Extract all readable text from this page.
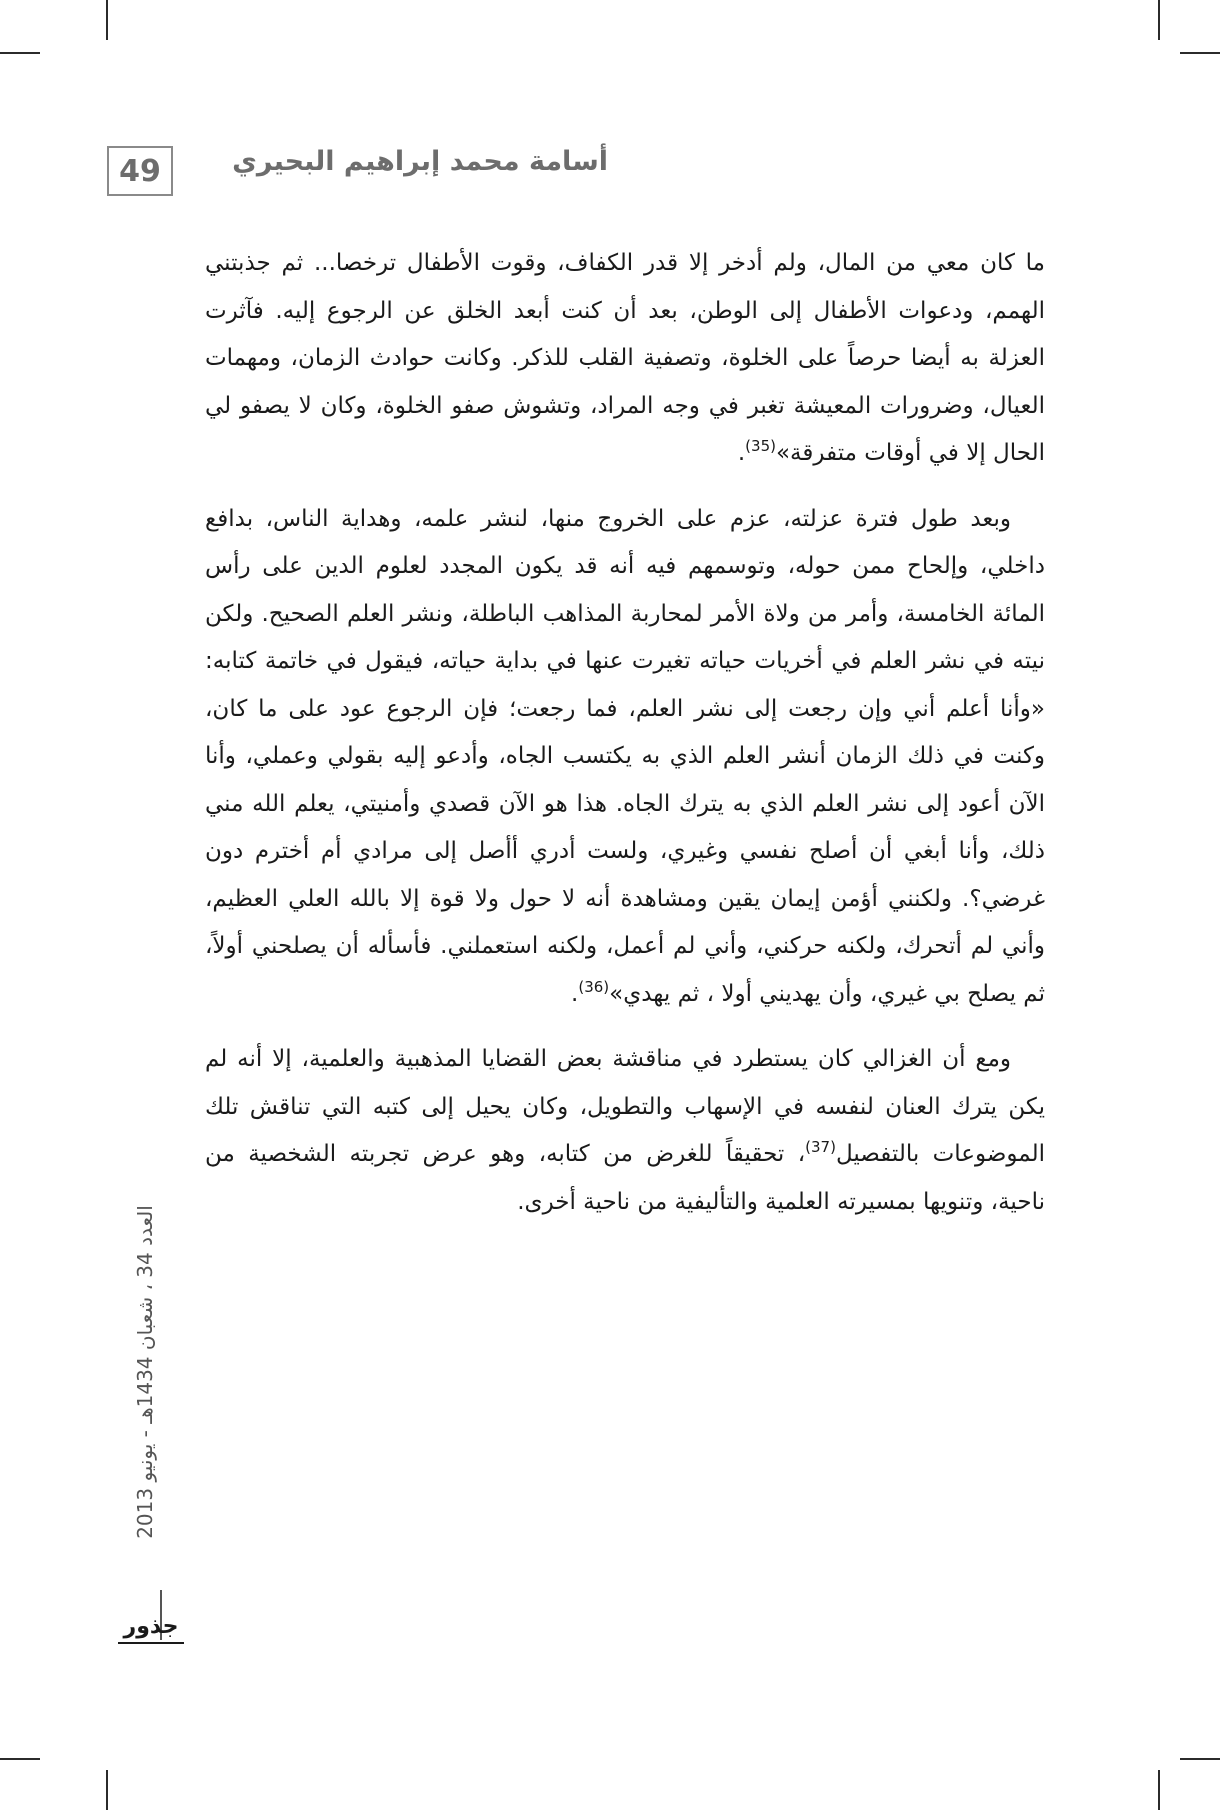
49	أسامة محمد إبراهيم البحيري

ما كان معي من المال، ولم أدخر إلا قدر الكفاف، وقوت الأطفال ترخصا... ثم جذبتني الهمم، ودعوات الأطفال إلى الوطن، بعد أن كنت أبعد الخلق عن الرجوع إليه. فآثرت العزلة به أيضا حرصاً على الخلوة، وتصفية القلب للذكر. وكانت حوادث الزمان، ومهمات العيال، وضرورات المعيشة تغبر في وجه المراد، وتشوش صفو الخلوة، وكان لا يصفو لي الحال إلا في أوقات متفرقة»$^{(35)}$.

وبعد طول فترة عزلته، عزم على الخروج منها، لنشر علمه، وهداية الناس، بدافع داخلي، وإلحاح ممن حوله، وتوسمهم فيه أنه قد يكون المجدد لعلوم الدين على رأس المائة الخامسة، وأمر من ولاة الأمر لمحاربة المذاهب الباطلة، ونشر العلم الصحيح. ولكن نيته في نشر العلم في أخريات حياته تغيرت عنها في بداية حياته، فيقول في خاتمة كتابه: «وأنا أعلم أني وإن رجعت إلى نشر العلم، فما رجعت؛ فإن الرجوع عود على ما كان، وكنت في ذلك الزمان أنشر العلم الذي به يكتسب الجاه، وأدعو إليه بقولي وعملي، وأنا الآن أعود إلى نشر العلم الذي به يترك الجاه. هذا هو الآن قصدي وأمنيتي، يعلم الله مني ذلك، وأنا أبغي أن أصلح نفسي وغيري، ولست أدري أأصل إلى مرادي أم أخترم دون غرضي؟. ولكنني أؤمن إيمان يقين ومشاهدة أنه لا حول ولا قوة إلا بالله العلي العظيم، وأني لم أتحرك، ولكنه حركني، وأني لم أعمل، ولكنه استعملني. فأسأله أن يصلحني أولاً، ثم يصلح بي غيري، وأن يهديني أولا ، ثم يهدي»$^{(36)}$.

ومع أن الغزالي كان يستطرد في مناقشة بعض القضايا المذهبية والعلمية، إلا أنه لم يكن يترك العنان لنفسه في الإسهاب والتطويل، وكان يحيل إلى كتبه التي تناقش تلك الموضوعات بالتفصيل$^{(37)}$، تحقيقاً للغرض من كتابه، وهو عرض تجربته الشخصية من ناحية، وتنويها بمسيرته العلمية والتأليفية من ناحية أخرى.

العدد 34 ، شعبان 1434هـ - يونيو 2013
جذور
